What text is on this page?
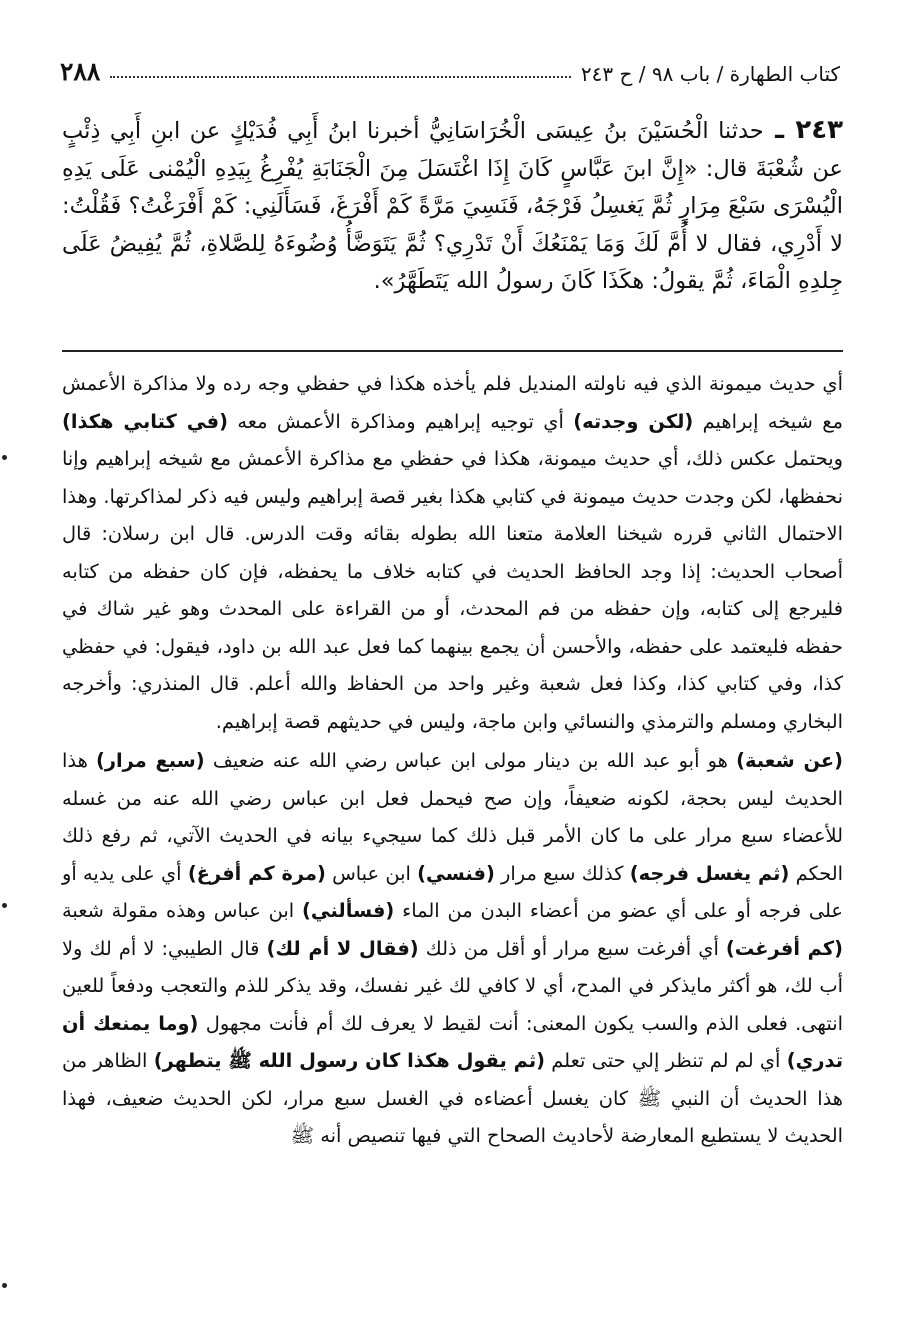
كتاب الطهارة / باب ٩٨ / ح ٢٤٣
٢٨٨
٢٤٣ ـ حدثنا الْحُسَيْنَ بنُ عِيسَى الْخُرَاسَانِيُّ أخبرنا ابنُ أَبِي فُدَيْكٍ عن ابنِ أَبِي ذِئْبٍ عن شُعْبَةَ قال: «إِنَّ ابنَ عَبَّاسٍ كَانَ إِذَا اغْتَسَلَ مِنَ الْجَنَابَةِ يُفْرِغُ بِيَدِهِ الْيُمْنى عَلَى يَدِهِ الْيُسْرَى سَبْعَ مِرَارٍ ثُمَّ يَغسِلُ فَرْجَهُ، فَنَسِيَ مَرَّةً كَمْ أَفْرَغَ، فَسَأَلَنِي: كَمْ أَفْرَغْتُ؟ فَقُلْتُ: لا أَدْرِي، فقال لا أُمَّ لَكَ وَمَا يَمْنَعُكَ أَنْ تَدْرِي؟ ثُمَّ يَتَوَضَّأُ وُضُوءَهُ لِلصَّلاةِ، ثُمَّ يُفِيضُ عَلَى جِلدِهِ الْمَاءَ، ثُمَّ يقولُ: هكَذَا كَانَ رسولُ الله يَتَطَهَّرُ».

أي حديث ميمونة الذي فيه ناولته المنديل فلم يأخذه هكذا في حفظي وجه رده ولا مذاكرة الأعمش مع شيخه إبراهيم (لكن وجدته) أي توجيه إبراهيم ومذاكرة الأعمش معه (في كتابي هكذا) ويحتمل عكس ذلك، أي حديث ميمونة، هكذا في حفظي مع مذاكرة الأعمش مع شيخه إبراهيم وإنا نحفظها، لكن وجدت حديث ميمونة في كتابي هكذا بغير قصة إبراهيم وليس فيه ذكر لمذاكرتها. وهذا الاحتمال الثاني قرره شيخنا العلامة متعنا الله بطوله بقائه وقت الدرس. قال ابن رسلان: قال أصحاب الحديث: إذا وجد الحافظ الحديث في كتابه خلاف ما يحفظه، فإن كان حفظه من كتابه فليرجع إلى كتابه، وإن حفظه من فم المحدث، أو من القراءة على المحدث وهو غير شاك في حفظه فليعتمد على حفظه، والأحسن أن يجمع بينهما كما فعل عبد الله بن داود، فيقول: في حفظي كذا، وفي كتابي كذا، وكذا فعل شعبة وغير واحد من الحفاظ والله أعلم. قال المنذري: وأخرجه البخاري ومسلم والترمذي والنسائي وابن ماجة، وليس في حديثهم قصة إبراهيم.

(عن شعبة) هو أبو عبد الله بن دينار مولى ابن عباس رضي الله عنه ضعيف (سبع مرار) هذا الحديث ليس بحجة، لكونه ضعيفاً، وإن صح فيحمل فعل ابن عباس رضي الله عنه من غسله للأعضاء سبع مرار على ما كان الأمر قبل ذلك كما سيجيء بيانه في الحديث الآتي، ثم رفع ذلك الحكم (ثم يغسل فرجه) كذلك سبع مرار (فنسي) ابن عباس (مرة كم أفرغ) أي على يديه أو على فرجه أو على أي عضو من أعضاء البدن من الماء (فسألني) ابن عباس وهذه مقولة شعبة (كم أفرغت) أي أفرغت سبع مرار أو أقل من ذلك (فقال لا أم لك) قال الطيبي: لا أم لك ولا أب لك، هو أكثر مايذكر في المدح، أي لا كافي لك غير نفسك، وقد يذكر للذم والتعجب ودفعاً للعين انتهى. فعلى الذم والسب يكون المعنى: أنت لقيط لا يعرف لك أم فأنت مجهول (وما يمنعك أن تدري) أي لم لم تنظر إلي حتى تعلم (ثم يقول هكذا كان رسول الله ﷺ يتطهر) الظاهر من هذا الحديث أن النبي ﷺ كان يغسل أعضاءه في الغسل سبع مرار، لكن الحديث ضعيف، فهذا الحديث لا يستطيع المعارضة لأحاديث الصحاح التي فيها تنصيص أنه ﷺ
